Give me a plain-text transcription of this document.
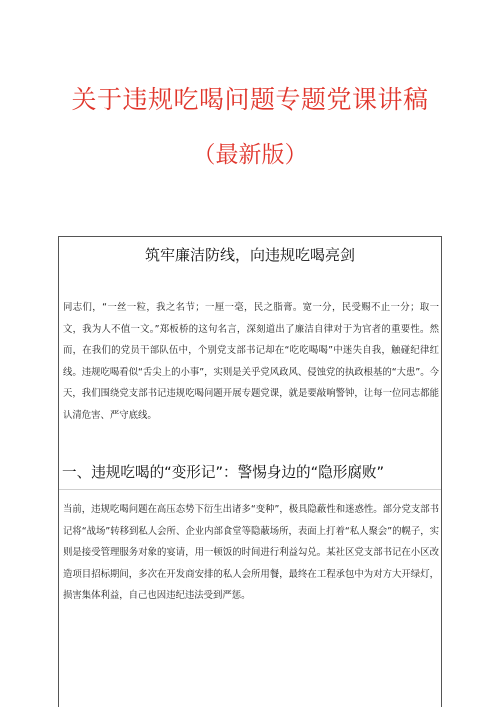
关于违规吃喝问题专题党课讲稿
（最新版）
筑牢廉洁防线，向违规吃喝亮剑
同志们，“一丝一粒，我之名节；一厘一毫，民之脂膏。宽一分，民受赐不止一分；取一文，我为人不值一文。”郑板桥的这句名言，深刻道出了廉洁自律对于为官者的重要性。然而，在我们的党员干部队伍中，个别党支部书记却在“吃吃喝喝”中迷失自我，触碰纪律红线。违规吃喝看似“舌尖上的小事”，实则是关乎党风政风、侵蚀党的执政根基的“大患”。今天，我们围绕党支部书记违规吃喝问题开展专题党课，就是要敲响警钟，让每一位同志都能认清危害、严守底线。
一、违规吃喝的“变形记”：警惕身边的“隐形腐败”
当前，违规吃喝问题在高压态势下衍生出诸多“变种”，极具隐蔽性和迷惑性。部分党支部书记将“战场”转移到私人会所、企业内部食堂等隐蔽场所，表面上打着“私人聚会”的幌子，实则是接受管理服务对象的宴请，用一顿饭的时间进行利益勾兑。某社区党支部书记在小区改造项目招标期间，多次在开发商安排的私人会所用餐，最终在工程承包中为对方大开绿灯，损害集体利益，自己也因违纪违法受到严惩。
